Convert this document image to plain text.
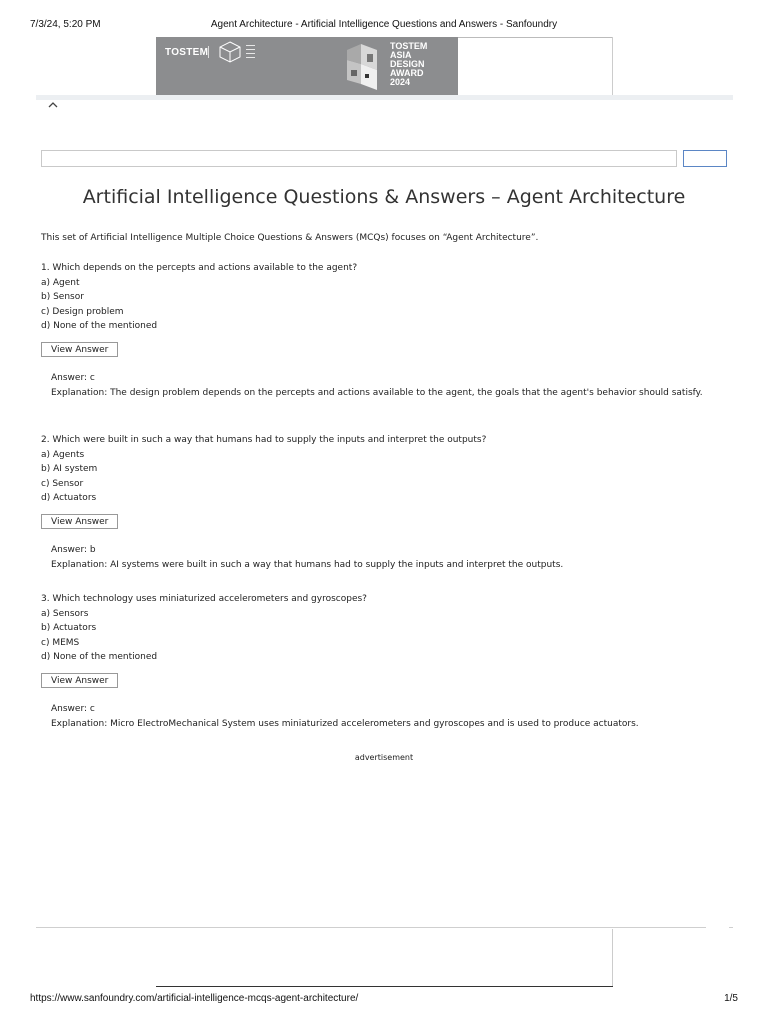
7/3/24, 5:20 PM	Agent Architecture - Artificial Intelligence Questions and Answers - Sanfoundry
TOSTEM
TOSTEM
ASIA
DESIGN
AWARD
2024
Artificial Intelligence Questions & Answers – Agent Architecture
This set of Artificial Intelligence Multiple Choice Questions & Answers (MCQs) focuses on “Agent Architecture”.

1. Which depends on the percepts and actions available to the agent?

a) Agent

b) Sensor

c) Design problem

d) None of the mentioned

View Answer

Answer: c

Explanation: The design problem depends on the percepts and actions available to the agent, the goals that the agent's behavior should satisfy.

2. Which were built in such a way that humans had to supply the inputs and interpret the outputs?

a) Agents

b) AI system

c) Sensor

d) Actuators

View Answer

Answer: b

Explanation: AI systems were built in such a way that humans had to supply the inputs and interpret the outputs.

3. Which technology uses miniaturized accelerometers and gyroscopes?

a) Sensors

b) Actuators

c) MEMS

d) None of the mentioned

View Answer

Answer: c

Explanation: Micro ElectroMechanical System uses miniaturized accelerometers and gyroscopes and is used to produce actuators.

advertisement
https://www.sanfoundry.com/artificial-intelligence-mcqs-agent-architecture/	1/5
